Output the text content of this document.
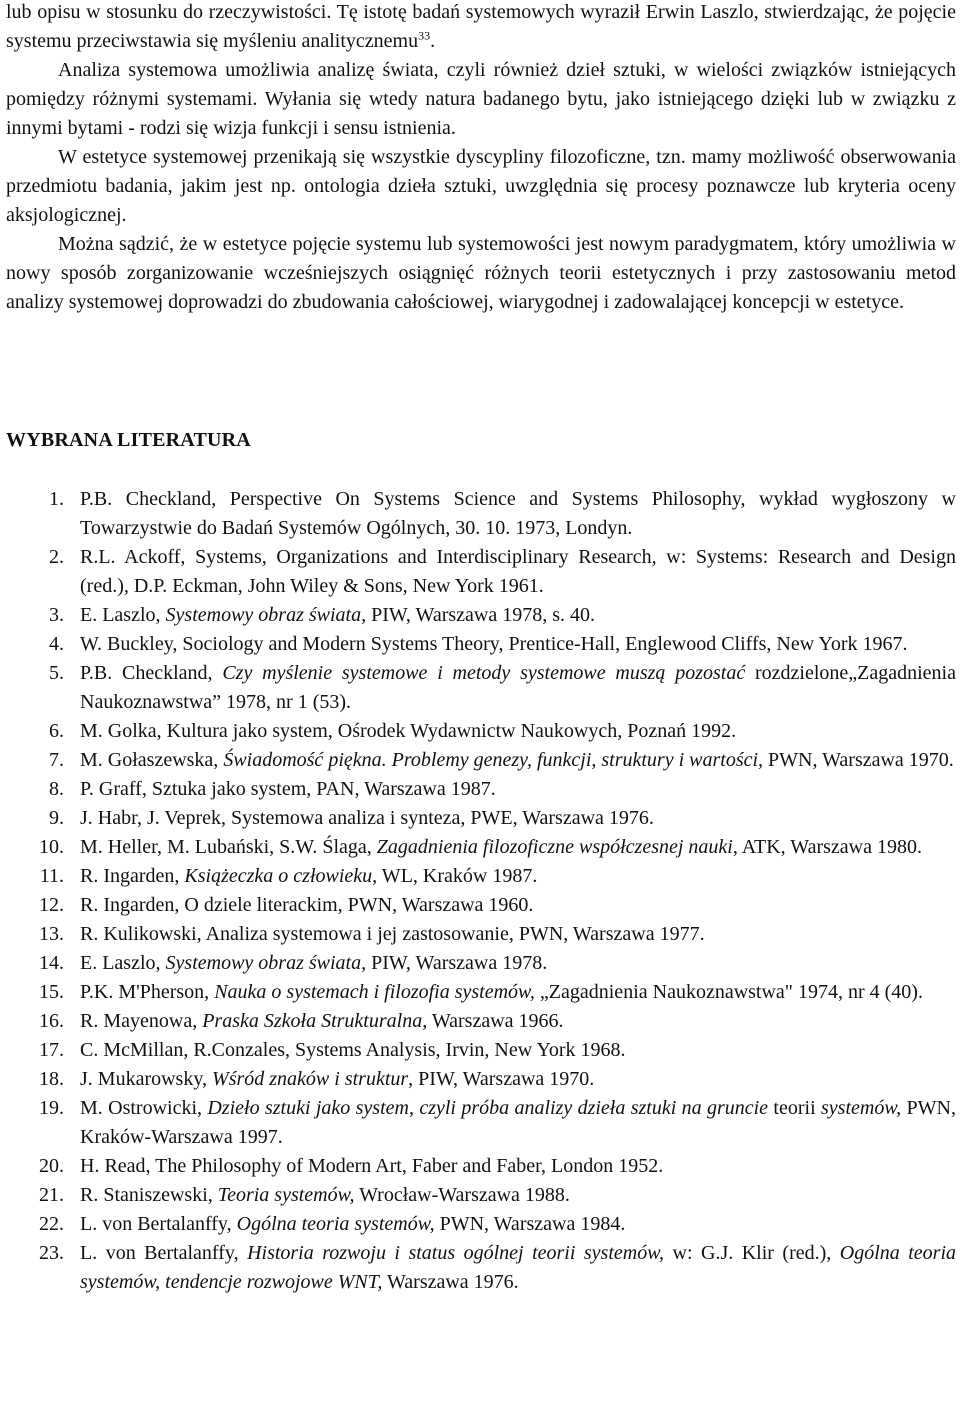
lub opisu w stosunku do rzeczywistości. Tę istotę badań systemowych wyraził Erwin Laszlo, stwierdzając, że pojęcie systemu przeciwstawia się myśleniu analitycznemu$^{33}$.

Analiza systemowa umożliwia analizę świata, czyli również dzieł sztuki, w wielości związków istniejących pomiędzy różnymi systemami. Wyłania się wtedy natura badanego bytu, jako istniejącego dzięki lub w związku z innymi bytami - rodzi się wizja funkcji i sensu istnienia.

W estetyce systemowej przenikają się wszystkie dyscypliny filozoficzne, tzn. mamy możliwość obserwowania przedmiotu badania, jakim jest np. ontologia dzieła sztuki, uwzględnia się procesy poznawcze lub kryteria oceny aksjologicznej.

Można sądzić, że w estetyce pojęcie systemu lub systemowości jest nowym paradygmatem, który umożliwia w nowy sposób zorganizowanie wcześniejszych osiągnięć różnych teorii estetycznych i przy zastosowaniu metod analizy systemowej doprowadzi do zbudowania całościowej, wiarygodnej i zadowalającej koncepcji w estetyce.

WYBRANA LITERATURA
1. P.B. Checkland, Perspective On Systems Science and Systems Philosophy, wykład wygłoszony w Towarzystwie do Badań Systemów Ogólnych, 30. 10. 1973, Londyn.
2. R.L. Ackoff, Systems, Organizations and Interdisciplinary Research, w: Systems: Research and Design (red.), D.P. Eckman, John Wiley & Sons, New York 1961.
3. E. Laszlo, Systemowy obraz świata, PIW, Warszawa 1978, s. 40.
4. W. Buckley, Sociology and Modern Systems Theory, Prentice-Hall, Englewood Cliffs, New York 1967.
5. P.B. Checkland, Czy myślenie systemowe i metody systemowe muszą pozostać rozdzielone„Zagadnienia Naukoznawstwa” 1978, nr 1 (53).
6. M. Golka, Kultura jako system, Ośrodek Wydawnictw Naukowych, Poznań 1992.
7. M. Gołaszewska, Świadomość piękna. Problemy genezy, funkcji, struktury i wartości, PWN, Warszawa 1970.
8. P. Graff, Sztuka jako system, PAN, Warszawa 1987.
9. J. Habr, J. Veprek, Systemowa analiza i synteza, PWE, Warszawa 1976.
10. M. Heller, M. Lubański, S.W. Ślaga, Zagadnienia filozoficzne współczesnej nauki, ATK, Warszawa 1980.
11. R. Ingarden, Książeczka o człowieku, WL, Kraków 1987.
12. R. Ingarden, O dziele literackim, PWN, Warszawa 1960.
13. R. Kulikowski, Analiza systemowa i jej zastosowanie, PWN, Warszawa 1977.
14. E. Laszlo, Systemowy obraz świata, PIW, Warszawa 1978.
15. P.K. M'Pherson, Nauka o systemach i filozofia systemów, „Zagadnienia Naukoznawstwa" 1974, nr 4 (40).
16. R. Mayenowa, Praska Szkoła Strukturalna, Warszawa 1966.
17. C. McMillan, R.Conzales, Systems Analysis, Irvin, New York 1968.
18. J. Mukarowsky, Wśród znaków i struktur, PIW, Warszawa 1970.
19. M. Ostrowicki, Dzieło sztuki jako system, czyli próba analizy dzieła sztuki na gruncie teorii systemów, PWN, Kraków-Warszawa 1997.
20. H. Read, The Philosophy of Modern Art, Faber and Faber, London 1952.
21. R. Staniszewski, Teoria systemów, Wrocław-Warszawa 1988.
22. L. von Bertalanffy, Ogólna teoria systemów, PWN, Warszawa 1984.
23. L. von Bertalanffy, Historia rozwoju i status ogólnej teorii systemów, w: G.J. Klir (red.), Ogólna teoria systemów, tendencje rozwojowe WNT, Warszawa 1976.
